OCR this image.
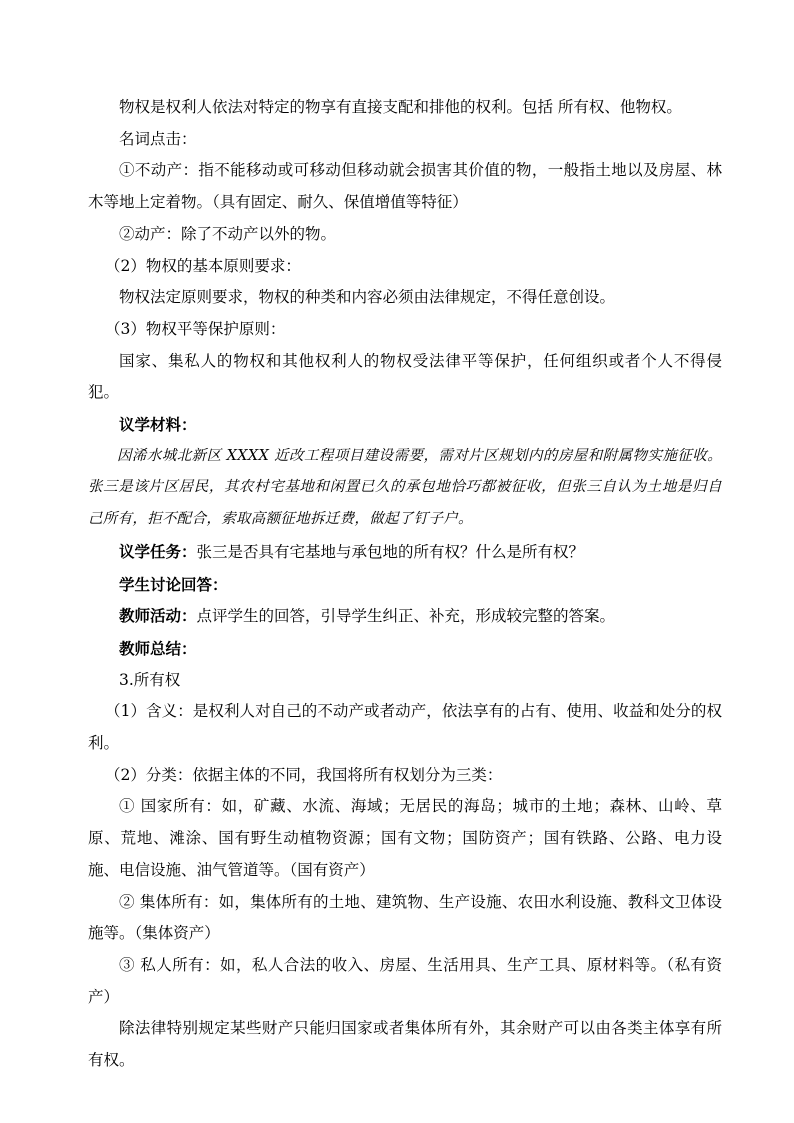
物权是权利人依法对特定的物享有直接支配和排他的权利。包括 所有权、他物权。
名词点击：
①不动产：指不能移动或可移动但移动就会损害其价值的物，一般指土地以及房屋、林木等地上定着物。（具有固定、耐久、保值增值等特征）
②动产：除了不动产以外的物。
（2）物权的基本原则要求：
物权法定原则要求，物权的种类和内容必须由法律规定，不得任意创设。
（3）物权平等保护原则：
国家、集私人的物权和其他权利人的物权受法律平等保护，任何组织或者个人不得侵犯。
议学材料：
因浠水城北新区 XXXX 近改工程项目建设需要，需对片区规划内的房屋和附属物实施征收。张三是该片区居民，其农村宅基地和闲置已久的承包地恰巧都被征收，但张三自认为土地是归自己所有，拒不配合，索取高额征地拆迁费，做起了钉子户。
议学任务：张三是否具有宅基地与承包地的所有权？什么是所有权？
学生讨论回答：
教师活动：点评学生的回答，引导学生纠正、补充，形成较完整的答案。
教师总结：
3.所有权
（1）含义：是权利人对自己的不动产或者动产，依法享有的占有、使用、收益和处分的权利。
（2）分类：依据主体的不同，我国将所有权划分为三类：
① 国家所有：如，矿藏、水流、海域；无居民的海岛；城市的土地；森林、山岭、草原、荒地、滩涂、国有野生动植物资源；国有文物；国防资产；国有铁路、公路、电力设施、电信设施、油气管道等。（国有资产）
② 集体所有：如，集体所有的土地、建筑物、生产设施、农田水利设施、教科文卫体设施等。（集体资产）
③ 私人所有：如，私人合法的收入、房屋、生活用具、生产工具、原材料等。（私有资产）
除法律特别规定某些财产只能归国家或者集体所有外，其余财产可以由各类主体享有所有权。
